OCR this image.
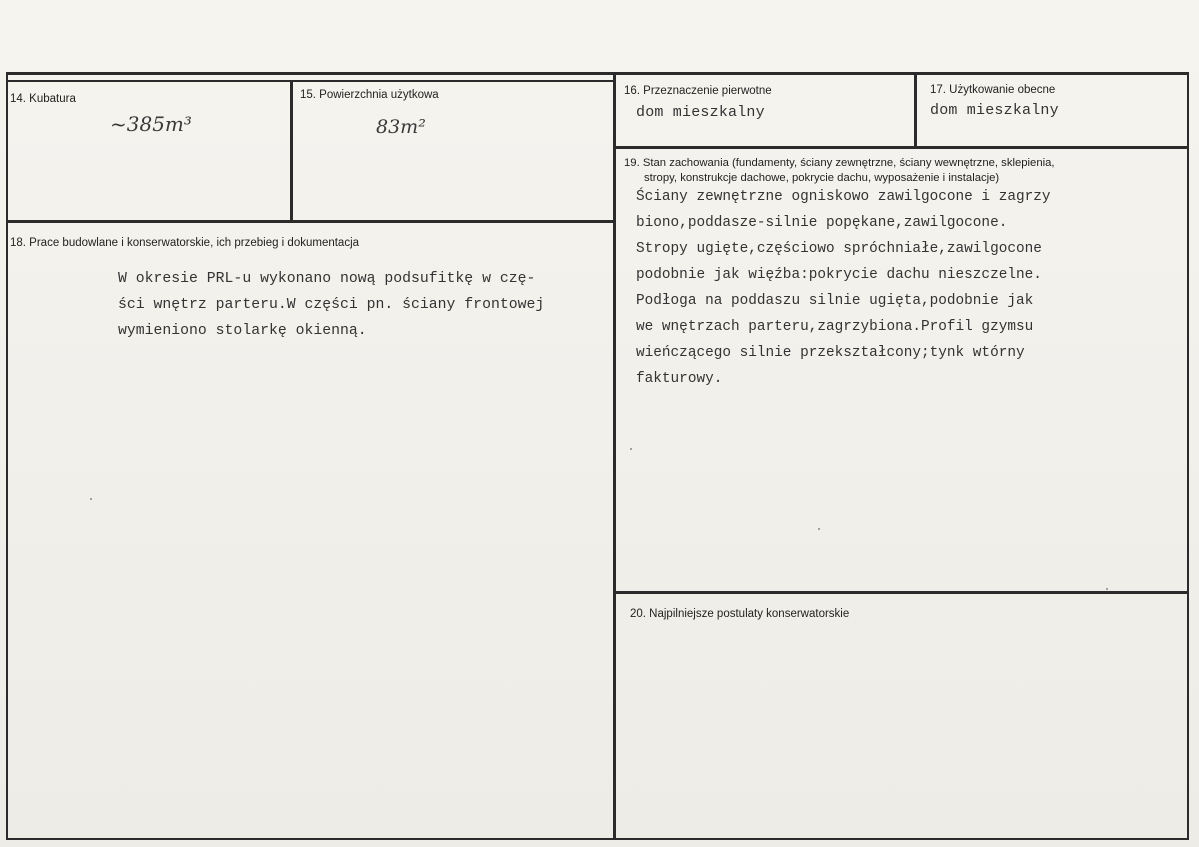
14. Kubatura
~385m³
15. Powierzchnia użytkowa
83m²
16. Przeznaczenie pierwotne
dom mieszkalny
17. Użytkowanie obecne
dom mieszkalny
18. Prace budowlane i konserwatorskie, ich przebieg i dokumentacja
W okresie PRL-u wykonano nową podsufitkę w czę-
ści wnętrz parteru.W części pn. ściany frontowej
wymieniono stolarkę okienną.
19. Stan zachowania (fundamenty, ściany zewnętrzne, ściany wewnętrzne, sklepienia,
stropy, konstrukcje dachowe, pokrycie dachu, wyposażenie i instalacje)
Ściany zewnętrzne ogniskowo zawilgocone i zagrzy
biono,poddasze-silnie popękane,zawilgocone.
Stropy ugięte,częściowo spróchniałe,zawilgocone
podobnie jak więźba:pokrycie dachu nieszczelne.
Podłoga na poddaszu silnie ugięta,podobnie jak
we wnętrzach parteru,zagrzybiona.Profil gzymsu
wieńczącego silnie przekształcony;tynk wtórny
fakturowy.
20. Najpilniejsze postulaty konserwatorskie
